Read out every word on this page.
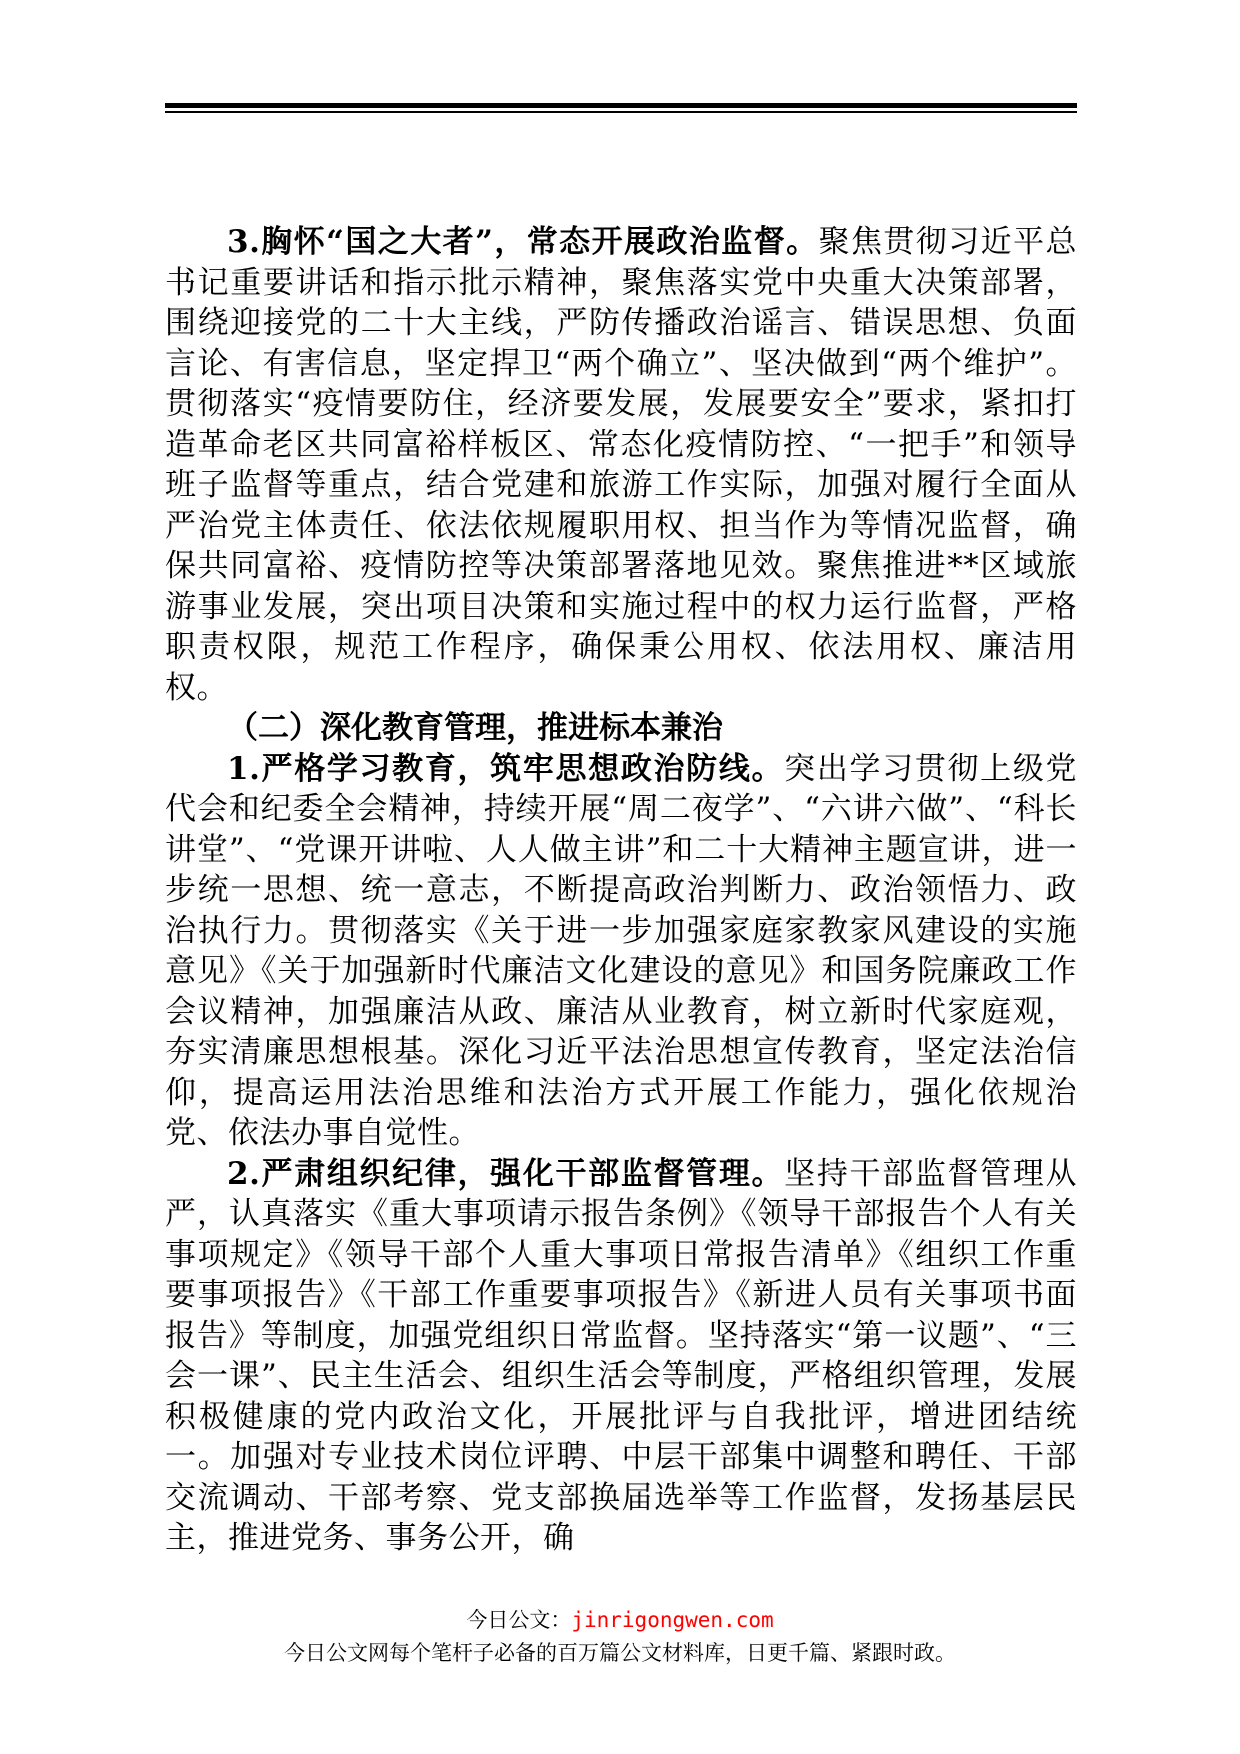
3.胸怀“国之大者”，常态开展政治监督。聚焦贯彻习近平总书记重要讲话和指示批示精神，聚焦落实党中央重大决策部署，围绕迎接党的二十大主线，严防传播政治谣言、错误思想、负面言论、有害信息，坚定捍卫“两个确立”、坚决做到“两个维护”。贯彻落实“疫情要防住，经济要发展，发展要安全”要求，紧扣打造革命老区共同富裕样板区、常态化疫情防控、“一把手”和领导班子监督等重点，结合党建和旅游工作实际，加强对履行全面从严治党主体责任、依法依规履职用权、担当作为等情况监督，确保共同富裕、疫情防控等决策部署落地见效。聚焦推进**区域旅游事业发展，突出项目决策和实施过程中的权力运行监督，严格职责权限，规范工作程序，确保秉公用权、依法用权、廉洁用权。

（二）深化教育管理，推进标本兼治

1.严格学习教育，筑牢思想政治防线。突出学习贯彻上级党代会和纪委全会精神，持续开展“周二夜学”、“六讲六做”、“科长讲堂”、“党课开讲啦、人人做主讲”和二十大精神主题宣讲，进一步统一思想、统一意志，不断提高政治判断力、政治领悟力、政治执行力。贯彻落实《关于进一步加强家庭家教家风建设的实施意见》《关于加强新时代廉洁文化建设的意见》和国务院廉政工作会议精神，加强廉洁从政、廉洁从业教育，树立新时代家庭观，夯实清廉思想根基。深化习近平法治思想宣传教育，坚定法治信仰，提高运用法治思维和法治方式开展工作能力，强化依规治党、依法办事自觉性。

2.严肃组织纪律，强化干部监督管理。坚持干部监督管理从严，认真落实《重大事项请示报告条例》《领导干部报告个人有关事项规定》《领导干部个人重大事项日常报告清单》《组织工作重要事项报告》《干部工作重要事项报告》《新进人员有关事项书面报告》等制度，加强党组织日常监督。坚持落实“第一议题”、“三会一课”、民主生活会、组织生活会等制度，严格组织管理，发展积极健康的党内政治文化，开展批评与自我批评，增进团结统一。加强对专业技术岗位评聘、中层干部集中调整和聘任、干部交流调动、干部考察、党支部换届选举等工作监督，发扬基层民主，推进党务、事务公开，确

今日公文：jinrigongwen.com
今日公文网每个笔杆子必备的百万篇公文材料库，日更千篇、紧跟时政。
